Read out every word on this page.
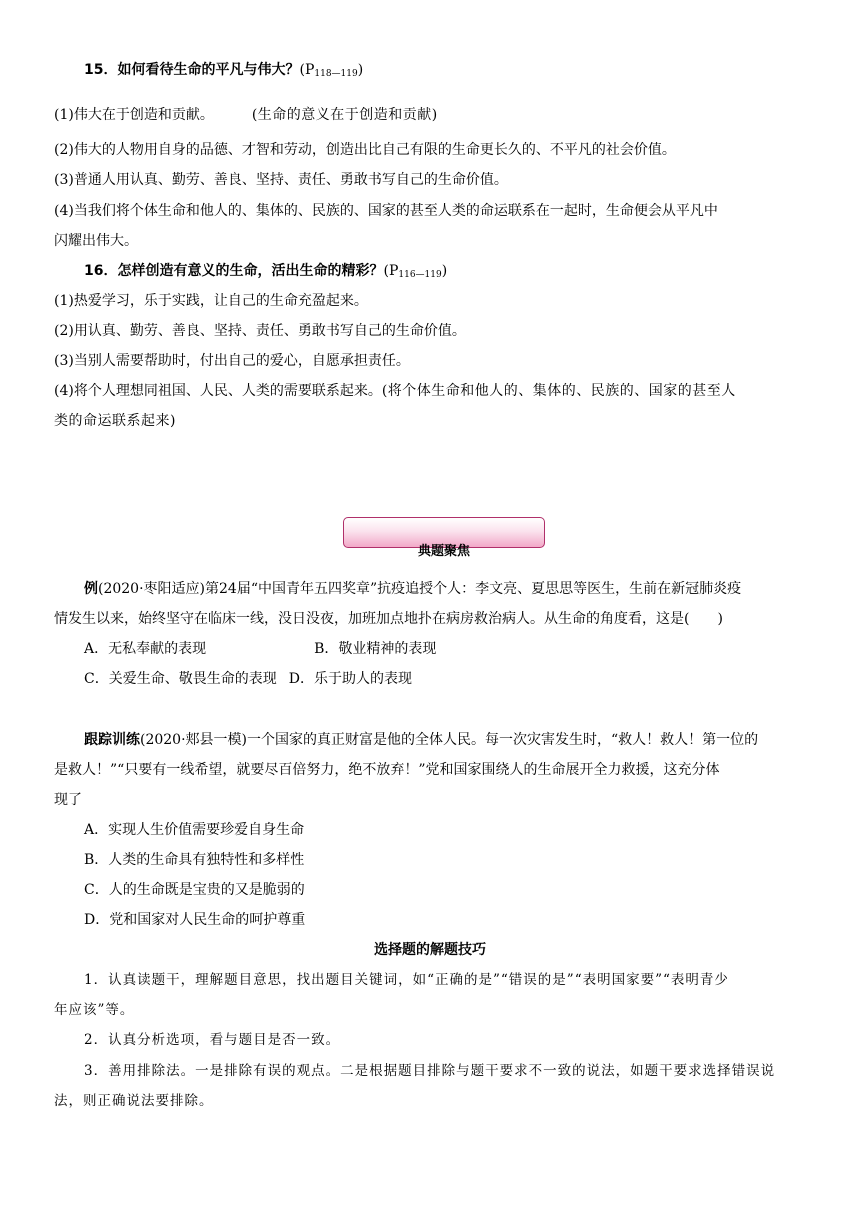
15．如何看待生命的平凡与伟大？$(P_{118—119})$
(1)伟大在于创造和贡献。	(生命的意义在于创造和贡献)
(2)伟大的人物用自身的品德、才智和劳动，创造出比自己有限的生命更长久的、不平凡的社会价值。
(3)普通人用认真、勤劳、善良、坚持、责任、勇敢书写自己的生命价值。
(4)当我们将个体生命和他人的、集体的、民族的、国家的甚至人类的命运联系在一起时，生命便会从平凡中
闪耀出伟大。
16．怎样创造有意义的生命，活出生命的精彩？$(P_{116—119})$
(1)热爱学习，乐于实践，让自己的生命充盈起来。
(2)用认真、勤劳、善良、坚持、责任、勇敢书写自己的生命价值。
(3)当别人需要帮助时，付出自己的爱心，自愿承担责任。
(4)将个人理想同祖国、人民、人类的需要联系起来。(将个体生命和他人的、集体的、民族的、国家的甚至人
类的命运联系起来)
典题聚焦
例(2020·枣阳适应)第24届“中国青年五四奖章”抗疫追授个人：李文亮、夏思思等医生，生前在新冠肺炎疫
情发生以来，始终坚守在临床一线，没日没夜，加班加点地扑在病房救治病人。从生命的角度看，这是(　　)
A．无私奉献的表现	B．敬业精神的表现
C．关爱生命、敬畏生命的表现 D．乐于助人的表现
跟踪训练(2020·郏县一模)一个国家的真正财富是他的全体人民。每一次灾害发生时，“救人！救人！第一位的
是救人！”“只要有一线希望，就要尽百倍努力，绝不放弃！”党和国家围绕人的生命展开全力救援，这充分体
现了
A．实现人生价值需要珍爱自身生命
B．人类的生命具有独特性和多样性
C．人的生命既是宝贵的又是脆弱的
D．党和国家对人民生命的呵护尊重
选择题的解题技巧
1．认真读题干，理解题目意思，找出题目关键词，如“正确的是”“错误的是”“表明国家要”“表明青少
年应该”等。
2．认真分析选项，看与题目是否一致。
3．善用排除法。一是排除有误的观点。二是根据题目排除与题干要求不一致的说法，如题干要求选择错误说
法，则正确说法要排除。
